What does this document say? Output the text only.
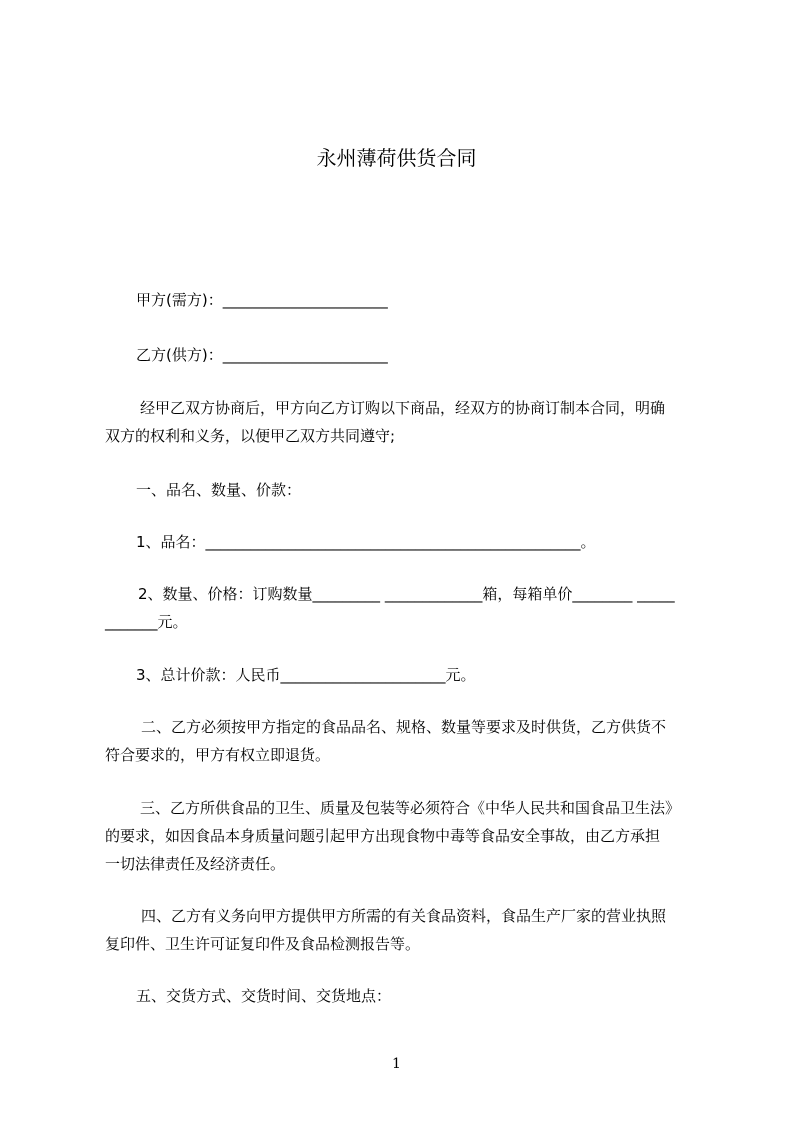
永州薄荷供货合同
甲方(需方)：______________________
乙方(供方)：______________________
经甲乙双方协商后，甲方向乙方订购以下商品，经双方的协商订制本合同，明确
双方的权利和义务，以便甲乙双方共同遵守;
一、品名、数量、价款：
1、品名：__________________________________________________。
2、数量、价格：订购数量_________ _____________箱，每箱单价________ _____
_______元。
3、总计价款：人民币______________________元。
二、乙方必须按甲方指定的食品品名、规格、数量等要求及时供货，乙方供货不
符合要求的，甲方有权立即退货。
三、乙方所供食品的卫生、质量及包装等必须符合《中华人民共和国食品卫生法》
的要求，如因食品本身质量问题引起甲方出现食物中毒等食品安全事故，由乙方承担
一切法律责任及经济责任。
四、乙方有义务向甲方提供甲方所需的有关食品资料，食品生产厂家的营业执照
复印件、卫生许可证复印件及食品检测报告等。
五、交货方式、交货时间、交货地点：
1
